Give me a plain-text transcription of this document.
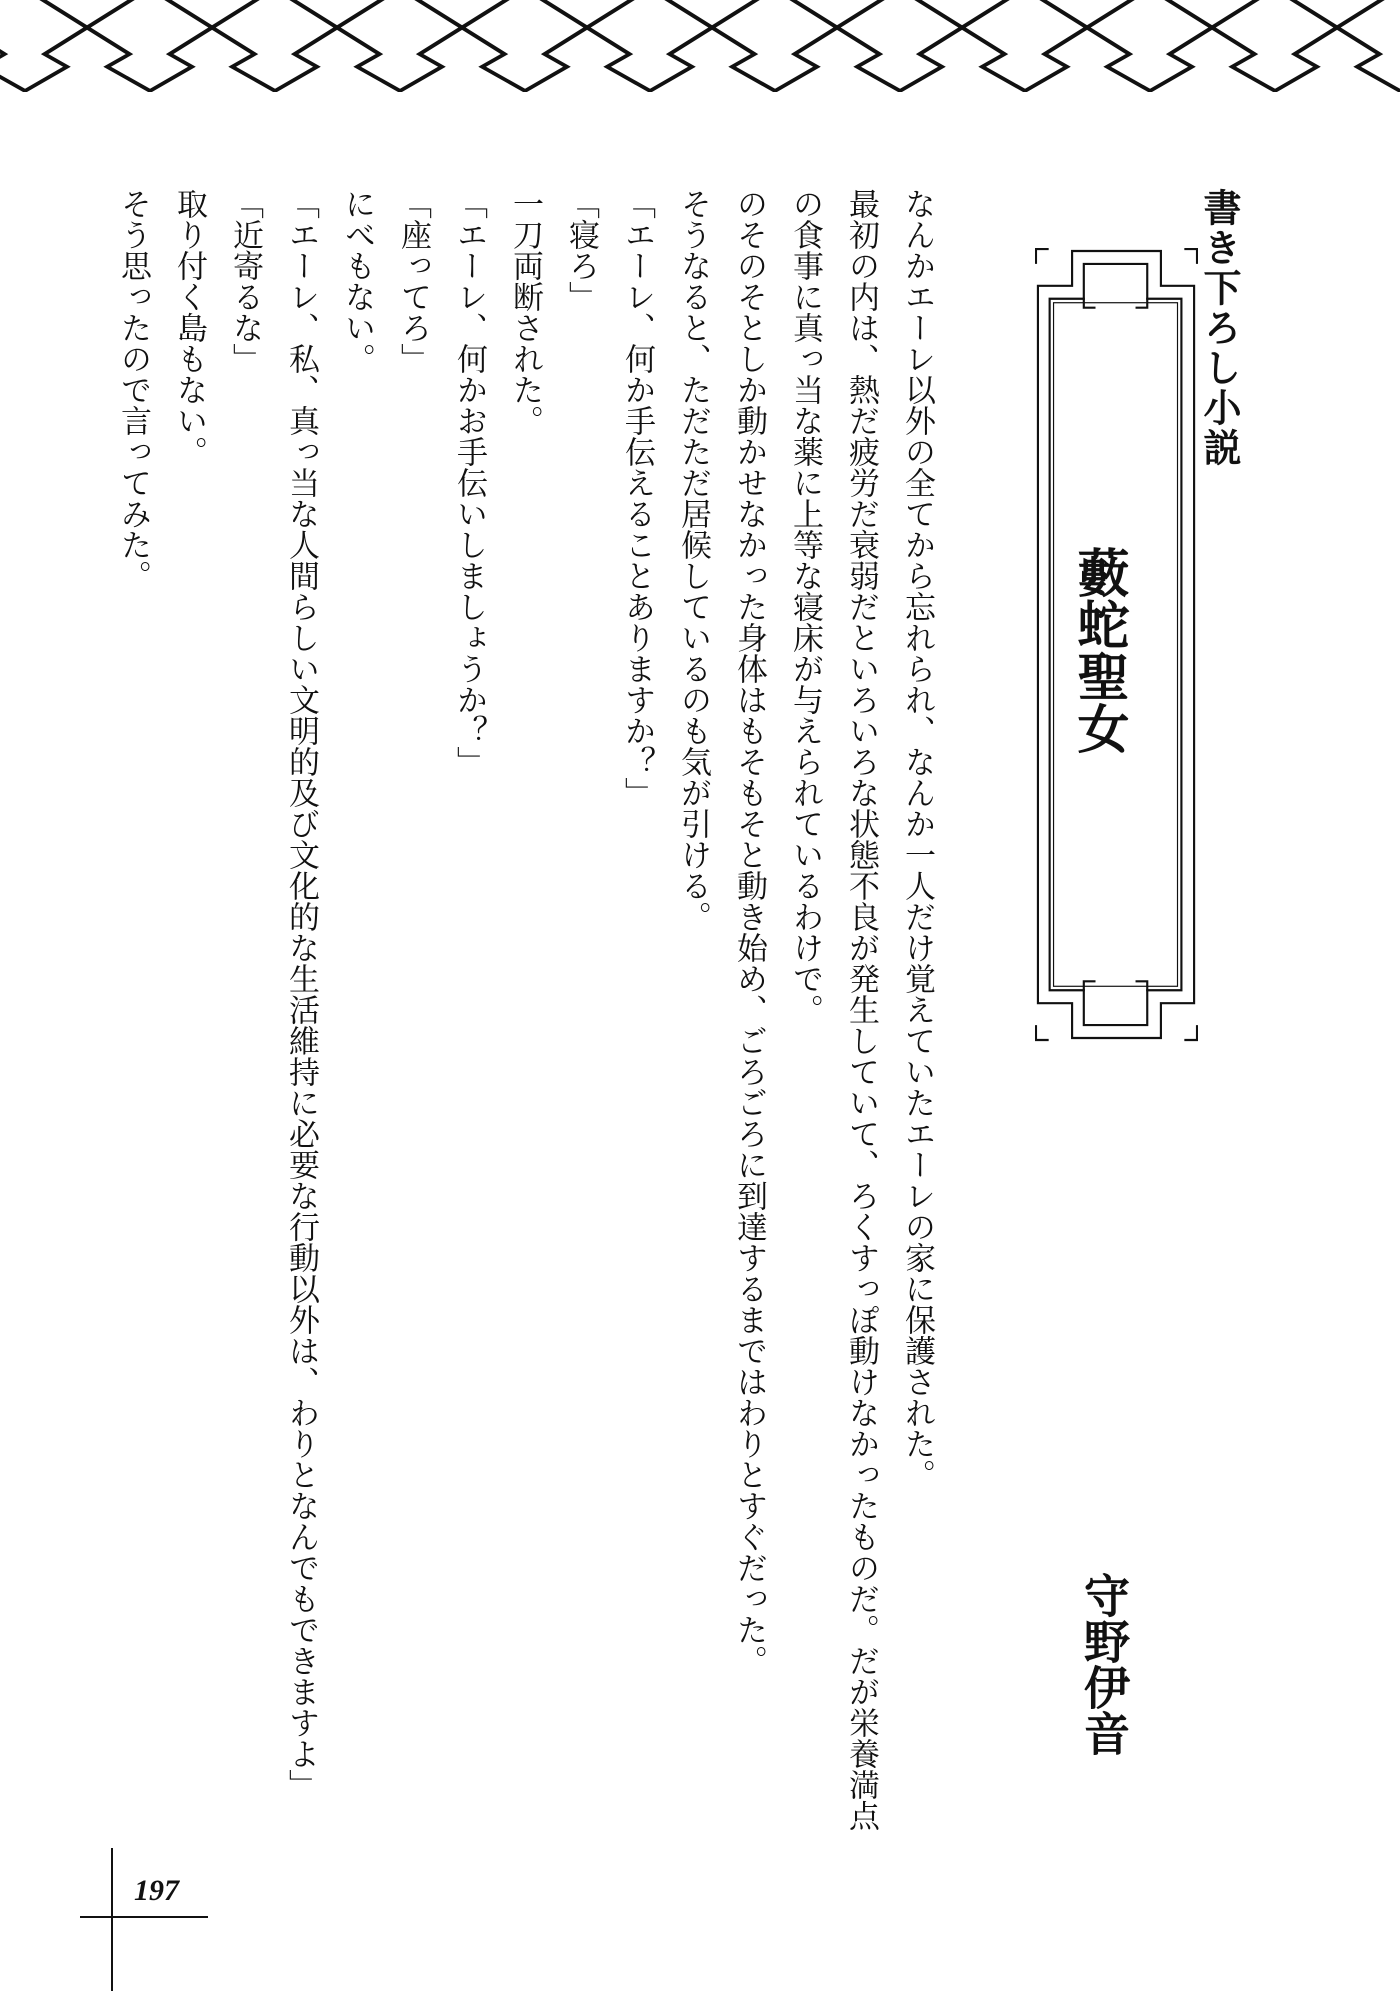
書き下ろし小説
藪蛇聖女
守野伊音

なんかエーレ以外の全てから忘れられ、なんか一人だけ覚えていたエーレの家に保護された。

最初の内は、熱だ疲労だ衰弱だといろいろな状態不良が発生していて、ろくすっぽ動けなかったものだ。だが栄養満点の食事に真っ当な薬に上等な寝床が与えられているわけで。

のそのそとしか動かせなかった身体はもそもそと動き始め、ごろごろに到達するまではわりとすぐだった。

そうなると、ただただ居候しているのも気が引ける。

「エーレ、何か手伝えることありますか？」

「寝ろ」

一刀両断された。

「エーレ、何かお手伝いしましょうか？」

「座ってろ」

にべもない。

「エーレ、私、真っ当な人間らしい文明的及び文化的な生活維持に必要な行動以外は、わりとなんでもできますよ」

「近寄るな」

取り付く島もない。

そう思ったので言ってみた。

197
